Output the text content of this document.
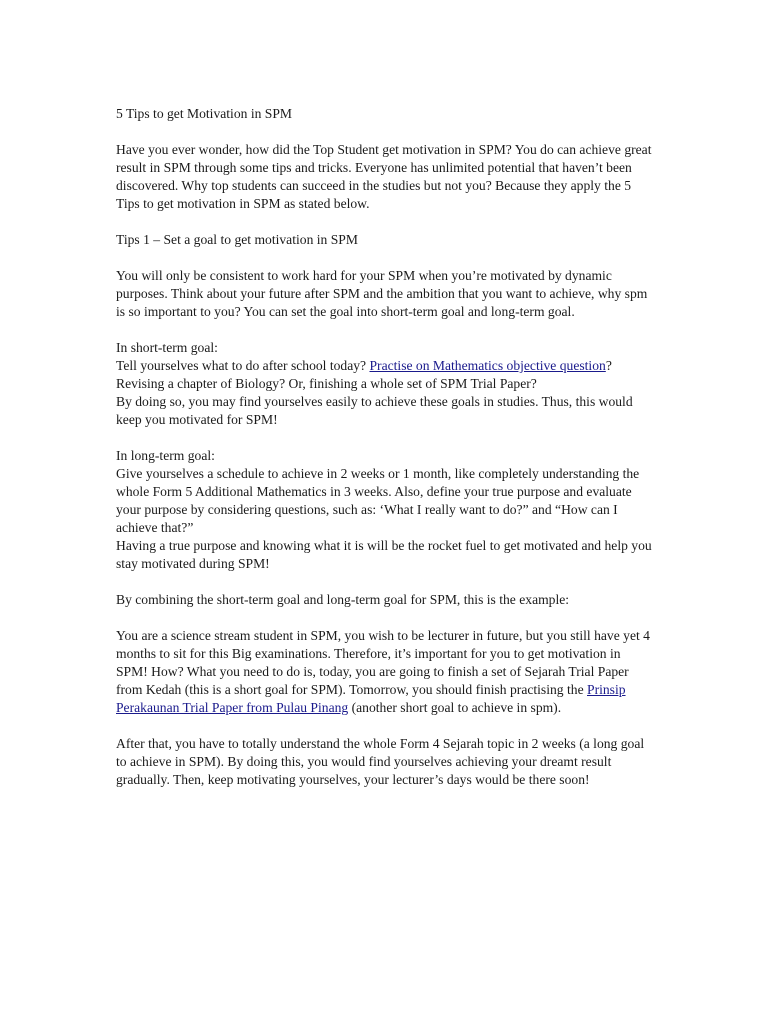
5 Tips to get Motivation in SPM

Have you ever wonder, how did the Top Student get motivation in SPM? You do can achieve great result in SPM through some tips and tricks. Everyone has unlimited potential that haven’t been discovered. Why top students can succeed in the studies but not you? Because they apply the 5 Tips to get motivation in SPM as stated below.

Tips 1 – Set a goal to get motivation in SPM

You will only be consistent to work hard for your SPM when you’re motivated by dynamic purposes. Think about your future after SPM and the ambition that you want to achieve, why spm is so important to you? You can set the goal into short-term goal and long-term goal.

In short-term goal:
Tell yourselves what to do after school today? Practise on Mathematics objective question? Revising a chapter of Biology? Or, finishing a whole set of SPM Trial Paper?
By doing so, you may find yourselves easily to achieve these goals in studies. Thus, this would keep you motivated for SPM!

In long-term goal:
Give yourselves a schedule to achieve in 2 weeks or 1 month, like completely understanding the whole Form 5 Additional Mathematics in 3 weeks. Also, define your true purpose and evaluate your purpose by considering questions, such as: ‘What I really want to do?” and “How can I achieve that?”
Having a true purpose and knowing what it is will be the rocket fuel to get motivated and help you stay motivated during SPM!

By combining the short-term goal and long-term goal for SPM, this is the example:

You are a science stream student in SPM, you wish to be lecturer in future, but you still have yet 4 months to sit for this Big examinations. Therefore, it’s important for you to get motivation in SPM! How? What you need to do is, today, you are going to finish a set of Sejarah Trial Paper from Kedah (this is a short goal for SPM). Tomorrow, you should finish practising the Prinsip Perakaunan Trial Paper from Pulau Pinang (another short goal to achieve in spm).

After that, you have to totally understand the whole Form 4 Sejarah topic in 2 weeks (a long goal to achieve in SPM). By doing this, you would find yourselves achieving your dreamt result gradually. Then, keep motivating yourselves, your lecturer’s days would be there soon!
